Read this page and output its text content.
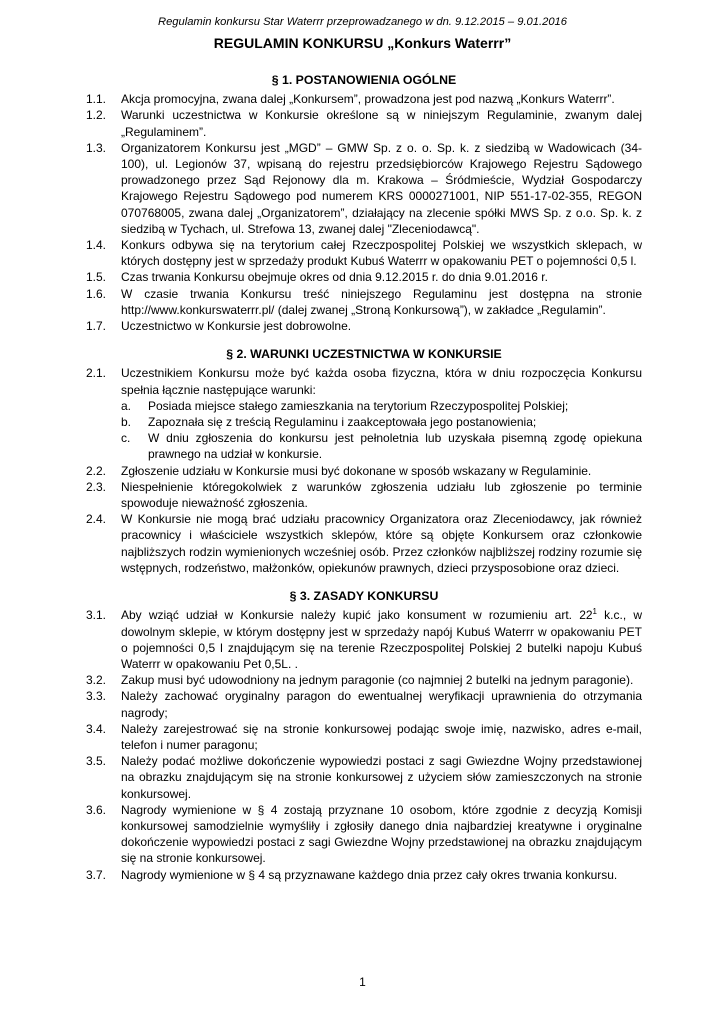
Regulamin konkursu Star Waterrr przeprowadzanego w dn. 9.12.2015 – 9.01.2016
REGULAMIN KONKURSU „Konkurs Waterrr”
§ 1. POSTANOWIENIA OGÓLNE
1.1. Akcja promocyjna, zwana dalej „Konkursem”, prowadzona jest pod nazwą „Konkurs Waterrr”.
1.2. Warunki uczestnictwa w Konkursie określone są w niniejszym Regulaminie, zwanym dalej „Regulaminem”.
1.3. Organizatorem Konkursu jest „MGD” – GMW Sp. z o. o. Sp. k. z siedzibą w Wadowicach (34-100), ul. Legionów 37, wpisaną do rejestru przedsiębiorców Krajowego Rejestru Sądowego prowadzonego przez Sąd Rejonowy dla m. Krakowa – Śródmieście, Wydział Gospodarczy Krajowego Rejestru Sądowego pod numerem KRS 0000271001, NIP 551-17-02-355, REGON 070768005, zwana dalej „Organizatorem”, działający na zlecenie spółki MWS Sp. z o.o. Sp. k. z siedzibą w Tychach, ul. Strefowa 13, zwanej dalej "Zleceniodawcą".
1.4. Konkurs odbywa się na terytorium całej Rzeczpospolitej Polskiej we wszystkich sklepach, w których dostępny jest w sprzedaży produkt Kubuś Waterrr w opakowaniu PET o pojemności 0,5 l.
1.5. Czas trwania Konkursu obejmuje okres od dnia 9.12.2015 r. do dnia 9.01.2016 r.
1.6. W czasie trwania Konkursu treść niniejszego Regulaminu jest dostępna na stronie http://www.konkurswaterrr.pl/ (dalej zwanej „Stroną Konkursową”), w zakładce „Regulamin”.
1.7. Uczestnictwo w Konkursie jest dobrowolne.
§ 2. WARUNKI UCZESTNICTWA W KONKURSIE
2.1. Uczestnikiem Konkursu może być każda osoba fizyczna, która w dniu rozpoczęcia Konkursu spełnia łącznie następujące warunki:
a. Posiada miejsce stałego zamieszkania na terytorium Rzeczypospolitej Polskiej;
b. Zapoznała się z treścią Regulaminu i zaakceptowała jego postanowienia;
c. W dniu zgłoszenia do konkursu jest pełnoletnia lub uzyskała pisemną zgodę opiekuna prawnego na udział w konkursie.
2.2. Zgłoszenie udziału w Konkursie musi być dokonane w sposób wskazany w Regulaminie.
2.3. Niespełnienie któregokolwiek z warunków zgłoszenia udziału lub zgłoszenie po terminie spowoduje nieważność zgłoszenia.
2.4. W Konkursie nie mogą brać udziału pracownicy Organizatora oraz Zleceniodawcy, jak również pracownicy i właściciele wszystkich sklepów, które są objęte Konkursem oraz członkowie najbliższych rodzin wymienionych wcześniej osób. Przez członków najbliższej rodziny rozumie się wstępnych, rodzeństwo, małżonków, opiekunów prawnych, dzieci przysposobione oraz dzieci.
§ 3. ZASADY KONKURSU
3.1. Aby wziąć udział w Konkursie należy kupić jako konsument w rozumieniu art. $22^1$ k.c., w dowolnym sklepie, w którym dostępny jest w sprzedaży napój Kubuś Waterrr w opakowaniu PET o pojemności 0,5 l znajdującym się na terenie Rzeczpospolitej Polskiej 2 butelki napoju Kubuś Waterrr w opakowaniu Pet 0,5L. .
3.2. Zakup musi być udowodniony na jednym paragonie (co najmniej 2 butelki na jednym paragonie).
3.3. Należy zachować oryginalny paragon do ewentualnej weryfikacji uprawnienia do otrzymania nagrody;
3.4. Należy zarejestrować się na stronie konkursowej podając swoje imię, nazwisko, adres e-mail, telefon i numer paragonu;
3.5. Należy podać możliwe dokończenie wypowiedzi postaci z sagi Gwiezdne Wojny przedstawionej na obrazku znajdującym się na stronie konkursowej z użyciem słów zamieszczonych na stronie konkursowej.
3.6. Nagrody wymienione w § 4 zostają przyznane 10 osobom, które zgodnie z decyzją Komisji konkursowej samodzielnie wymyśliły i zgłosiły danego dnia najbardziej kreatywne i oryginalne dokończenie wypowiedzi postaci z sagi Gwiezdne Wojny przedstawionej na obrazku znajdującym się na stronie konkursowej.
3.7. Nagrody wymienione w § 4 są przyznawane każdego dnia przez cały okres trwania konkursu.
1
